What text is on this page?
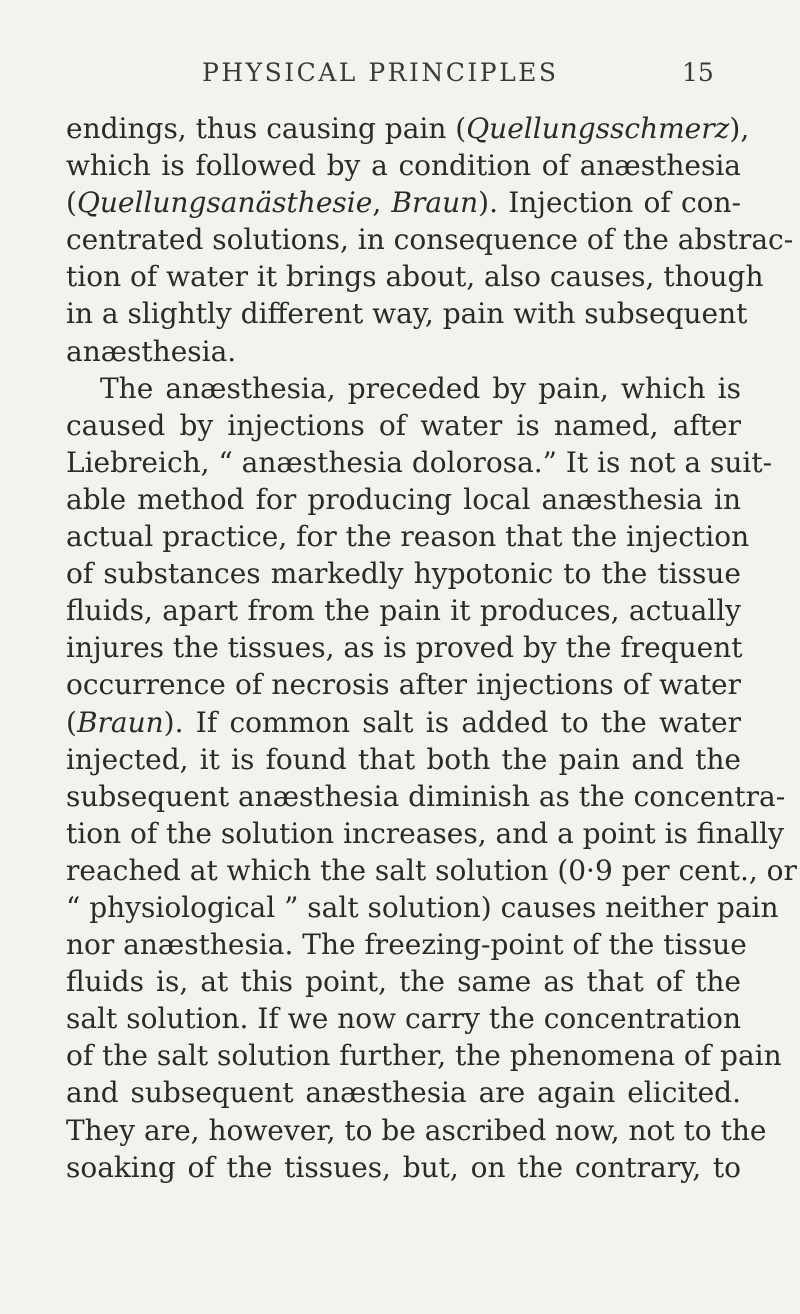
PHYSICAL PRINCIPLES	15
endings, thus causing pain (Quellungsschmerz),
which is followed by a condition of anæsthesia
(Quellungsanästhesie, Braun). Injection of con-
centrated solutions, in consequence of the abstrac-
tion of water it brings about, also causes, though
in a slightly different way, pain with subsequent
anæsthesia.
The anæsthesia, preceded by pain, which is
caused by injections of water is named, after
Liebreich, “ anæsthesia dolorosa.” It is not a suit-
able method for producing local anæsthesia in
actual practice, for the reason that the injection
of substances markedly hypotonic to the tissue
fluids, apart from the pain it produces, actually
injures the tissues, as is proved by the frequent
occurrence of necrosis after injections of water
(Braun). If common salt is added to the water
injected, it is found that both the pain and the
subsequent anæsthesia diminish as the concentra-
tion of the solution increases, and a point is finally
reached at which the salt solution (0·9 per cent., or
“ physiological ” salt solution) causes neither pain
nor anæsthesia. The freezing-point of the tissue
fluids is, at this point, the same as that of the
salt solution. If we now carry the concentration
of the salt solution further, the phenomena of pain
and subsequent anæsthesia are again elicited.
They are, however, to be ascribed now, not to the
soaking of the tissues, but, on the contrary, to
